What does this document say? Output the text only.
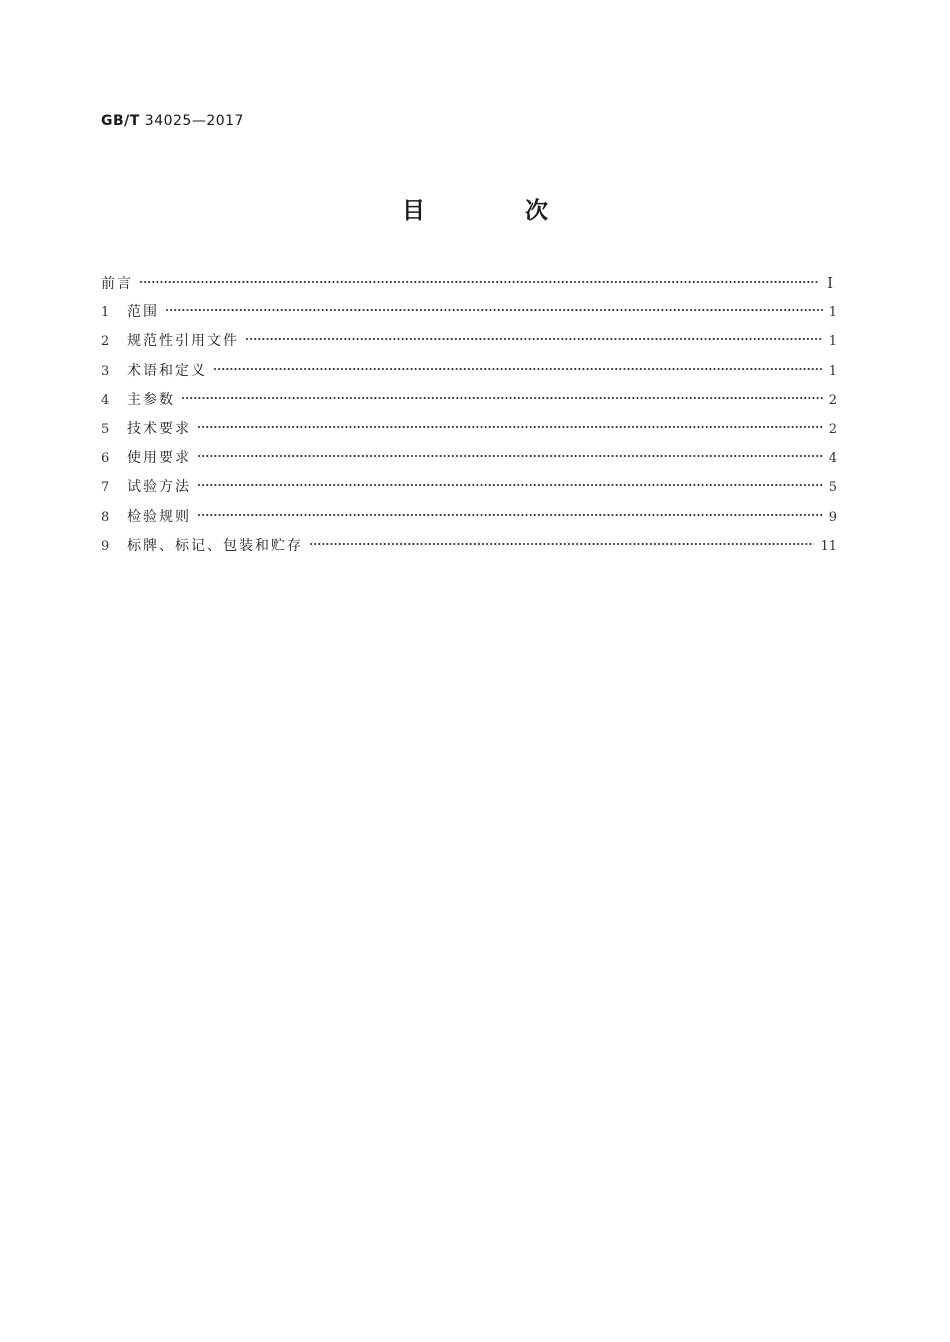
GB/T 34025—2017
目 次
前言	Ⅰ
1	范围	1
2	规范性引用文件	1
3	术语和定义	1
4	主参数	2
5	技术要求	2
6	使用要求	4
7	试验方法	5
8	检验规则	9
9	标牌、标记、包装和贮存	11
